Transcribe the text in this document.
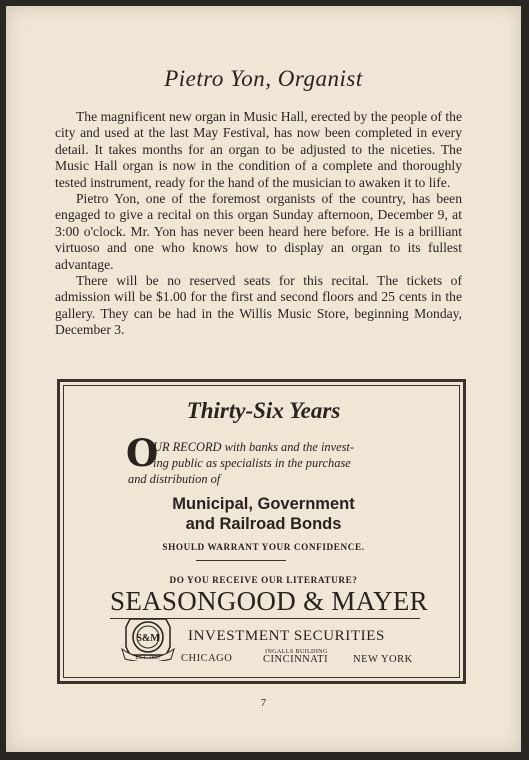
Pietro Yon, Organist

The magnificent new organ in Music Hall, erected by the people of the city and used at the last May Festival, has now been completed in every detail. It takes months for an organ to be adjusted to the niceties. The Music Hall organ is now in the condition of a complete and thoroughly tested instrument, ready for the hand of the musician to awaken it to life.

Pietro Yon, one of the foremost organists of the country, has been engaged to give a recital on this organ Sunday afternoon, December 9, at 3:00 o'clock. Mr. Yon has never been heard here before. He is a brilliant virtuoso and one who knows how to display an organ to its fullest advantage.

There will be no reserved seats for this recital. The tickets of admission will be $1.00 for the first and second floors and 25 cents in the gallery. They can be had in the Willis Music Store, beginning Monday, December 3.

Thirty-Six Years
O
UR RECORD with banks and the invest-
ing public as specialists in the purchase
and distribution of
Municipal, Government
and Railroad Bonds
SHOULD WARRANT YOUR CONFIDENCE.
DO YOU RECEIVE OUR LITERATURE?
SEASONGOOD & MAYER
S&M
EST. 1887
INVESTMENT SECURITIES
CHICAGO
INGALLS BUILDING
CINCINNATI NEW YORK
7
